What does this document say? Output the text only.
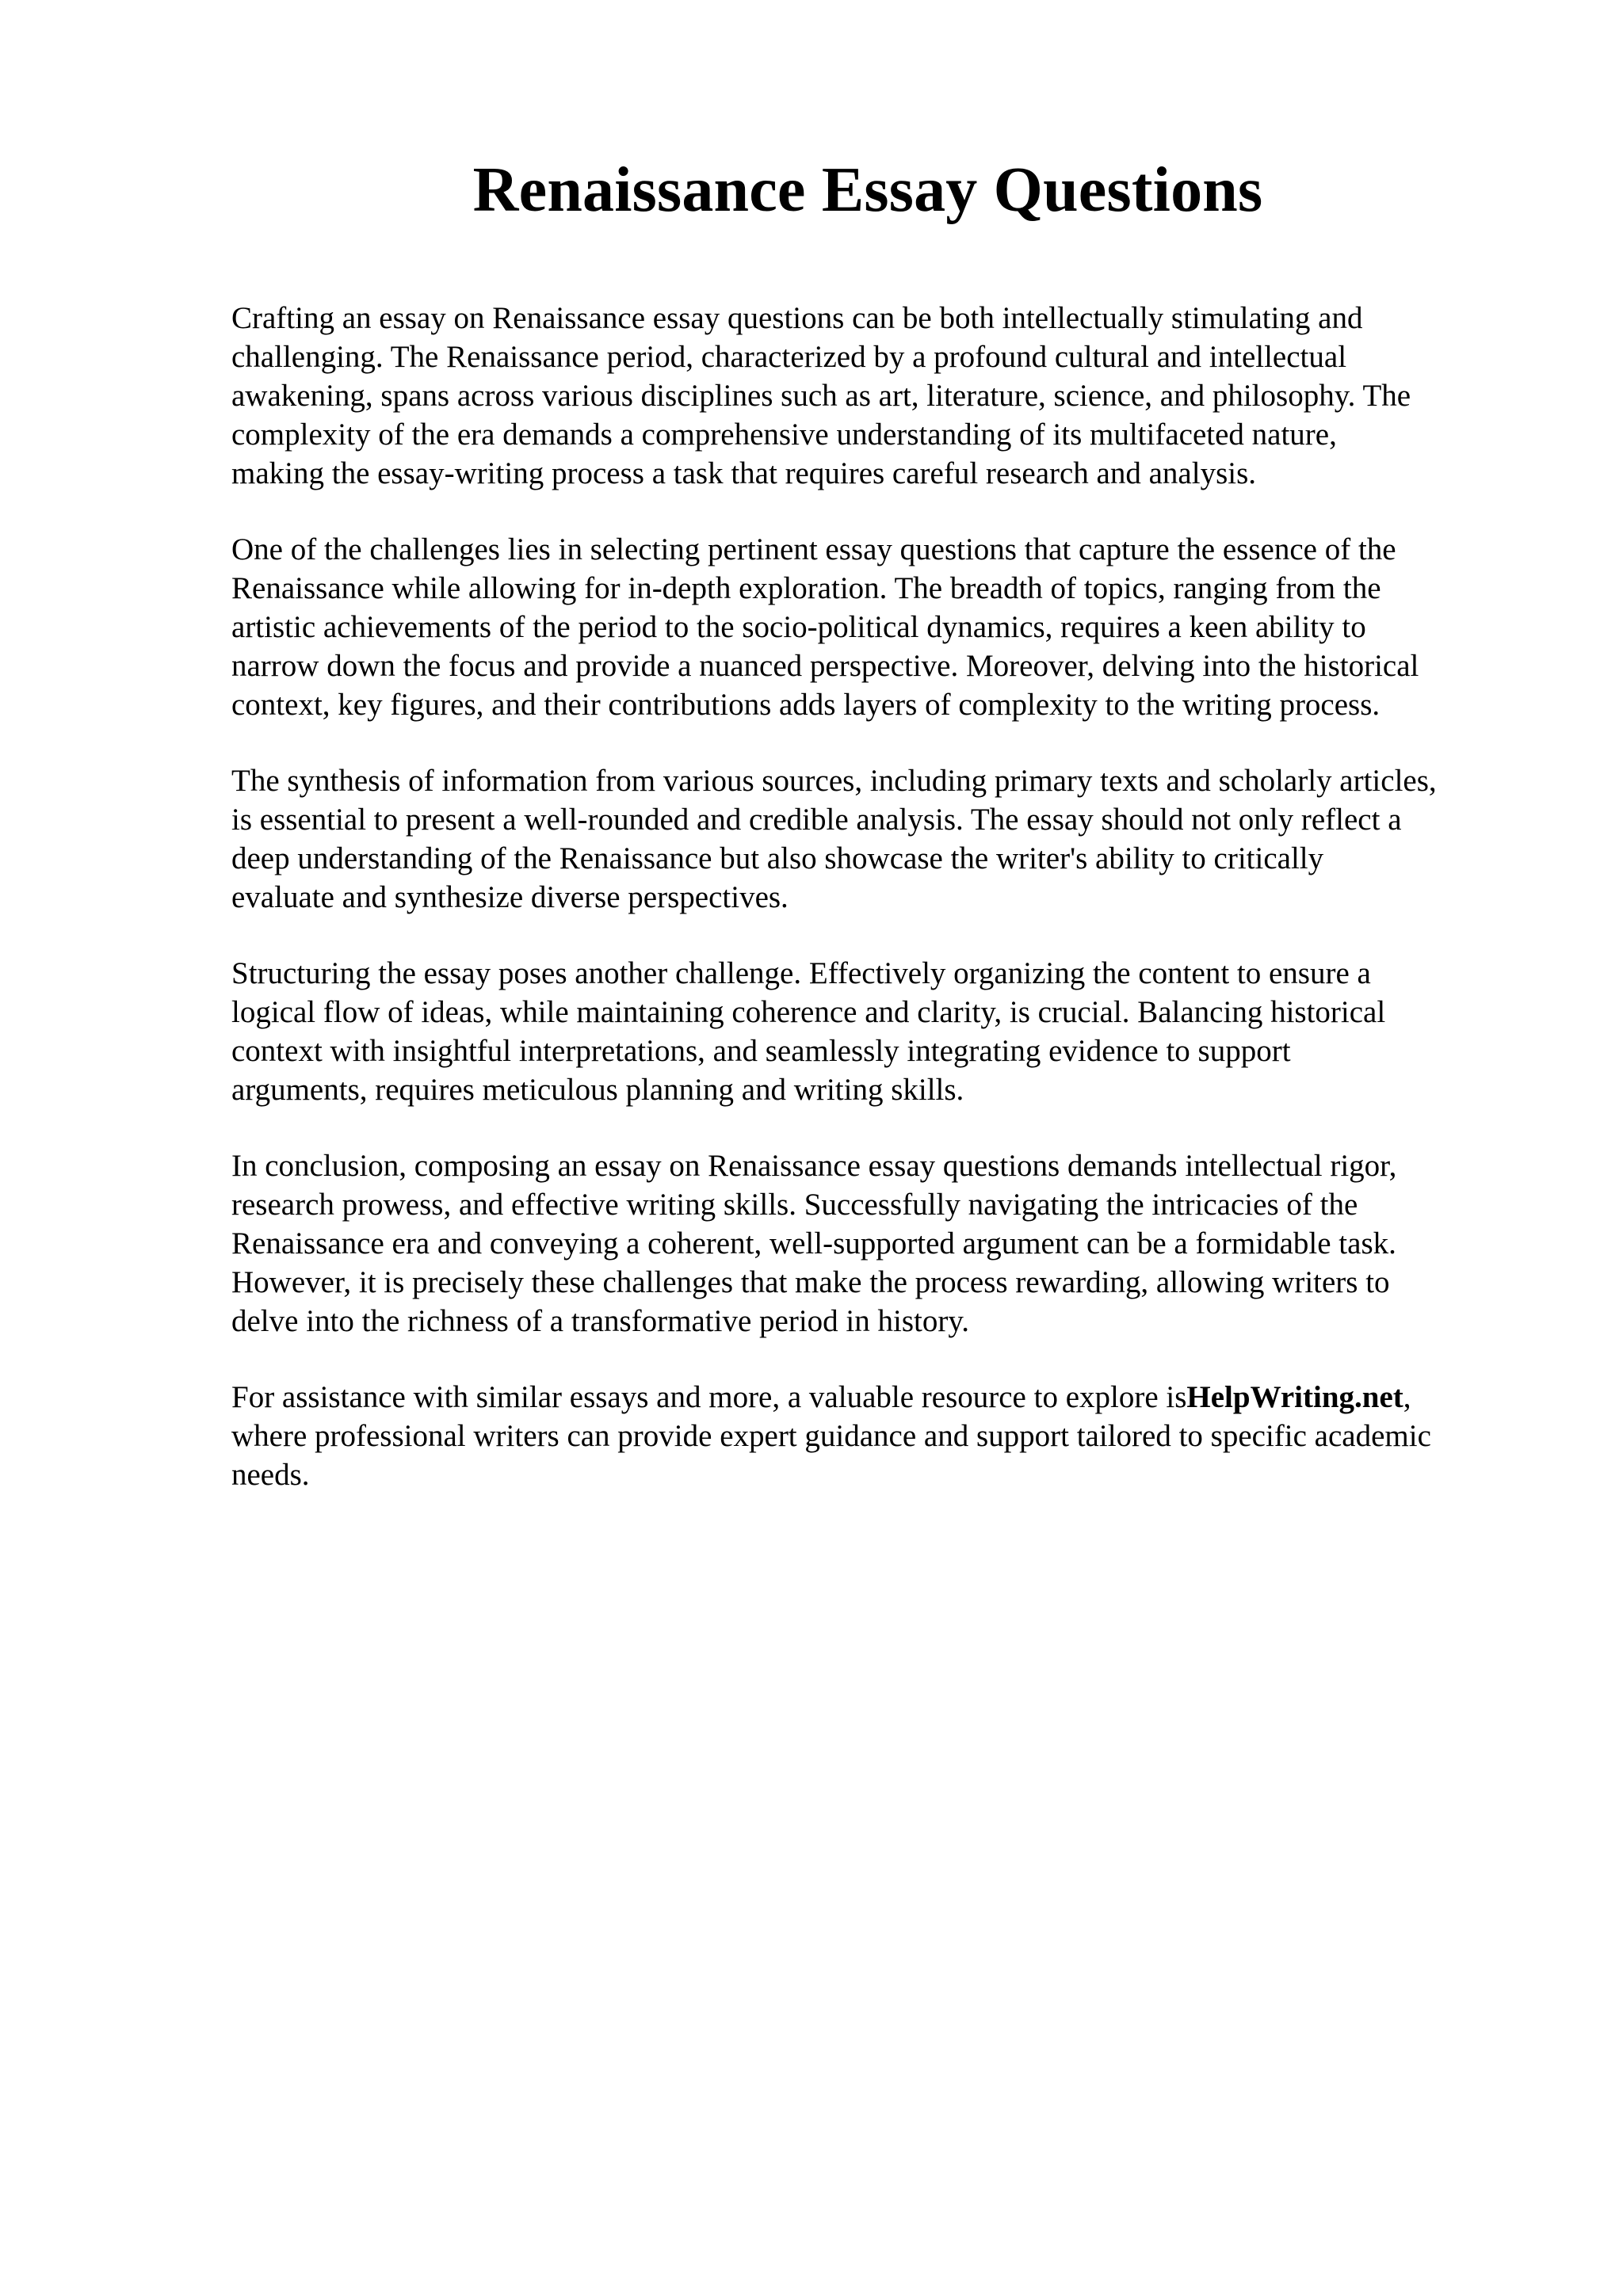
Renaissance Essay Questions

Crafting an essay on Renaissance essay questions can be both intellectually stimulating and
challenging. The Renaissance period, characterized by a profound cultural and intellectual
awakening, spans across various disciplines such as art, literature, science, and philosophy. The
complexity of the era demands a comprehensive understanding of its multifaceted nature,
making the essay-writing process a task that requires careful research and analysis.

One of the challenges lies in selecting pertinent essay questions that capture the essence of the
Renaissance while allowing for in-depth exploration. The breadth of topics, ranging from the
artistic achievements of the period to the socio-political dynamics, requires a keen ability to
narrow down the focus and provide a nuanced perspective. Moreover, delving into the historical
context, key figures, and their contributions adds layers of complexity to the writing process.

The synthesis of information from various sources, including primary texts and scholarly articles,
is essential to present a well-rounded and credible analysis. The essay should not only reflect a
deep understanding of the Renaissance but also showcase the writer's ability to critically
evaluate and synthesize diverse perspectives.

Structuring the essay poses another challenge. Effectively organizing the content to ensure a
logical flow of ideas, while maintaining coherence and clarity, is crucial. Balancing historical
context with insightful interpretations, and seamlessly integrating evidence to support
arguments, requires meticulous planning and writing skills.

In conclusion, composing an essay on Renaissance essay questions demands intellectual rigor,
research prowess, and effective writing skills. Successfully navigating the intricacies of the
Renaissance era and conveying a coherent, well-supported argument can be a formidable task.
However, it is precisely these challenges that make the process rewarding, allowing writers to
delve into the richness of a transformative period in history.

For assistance with similar essays and more, a valuable resource to explore isHelpWriting.net,
where professional writers can provide expert guidance and support tailored to specific academic
needs.
